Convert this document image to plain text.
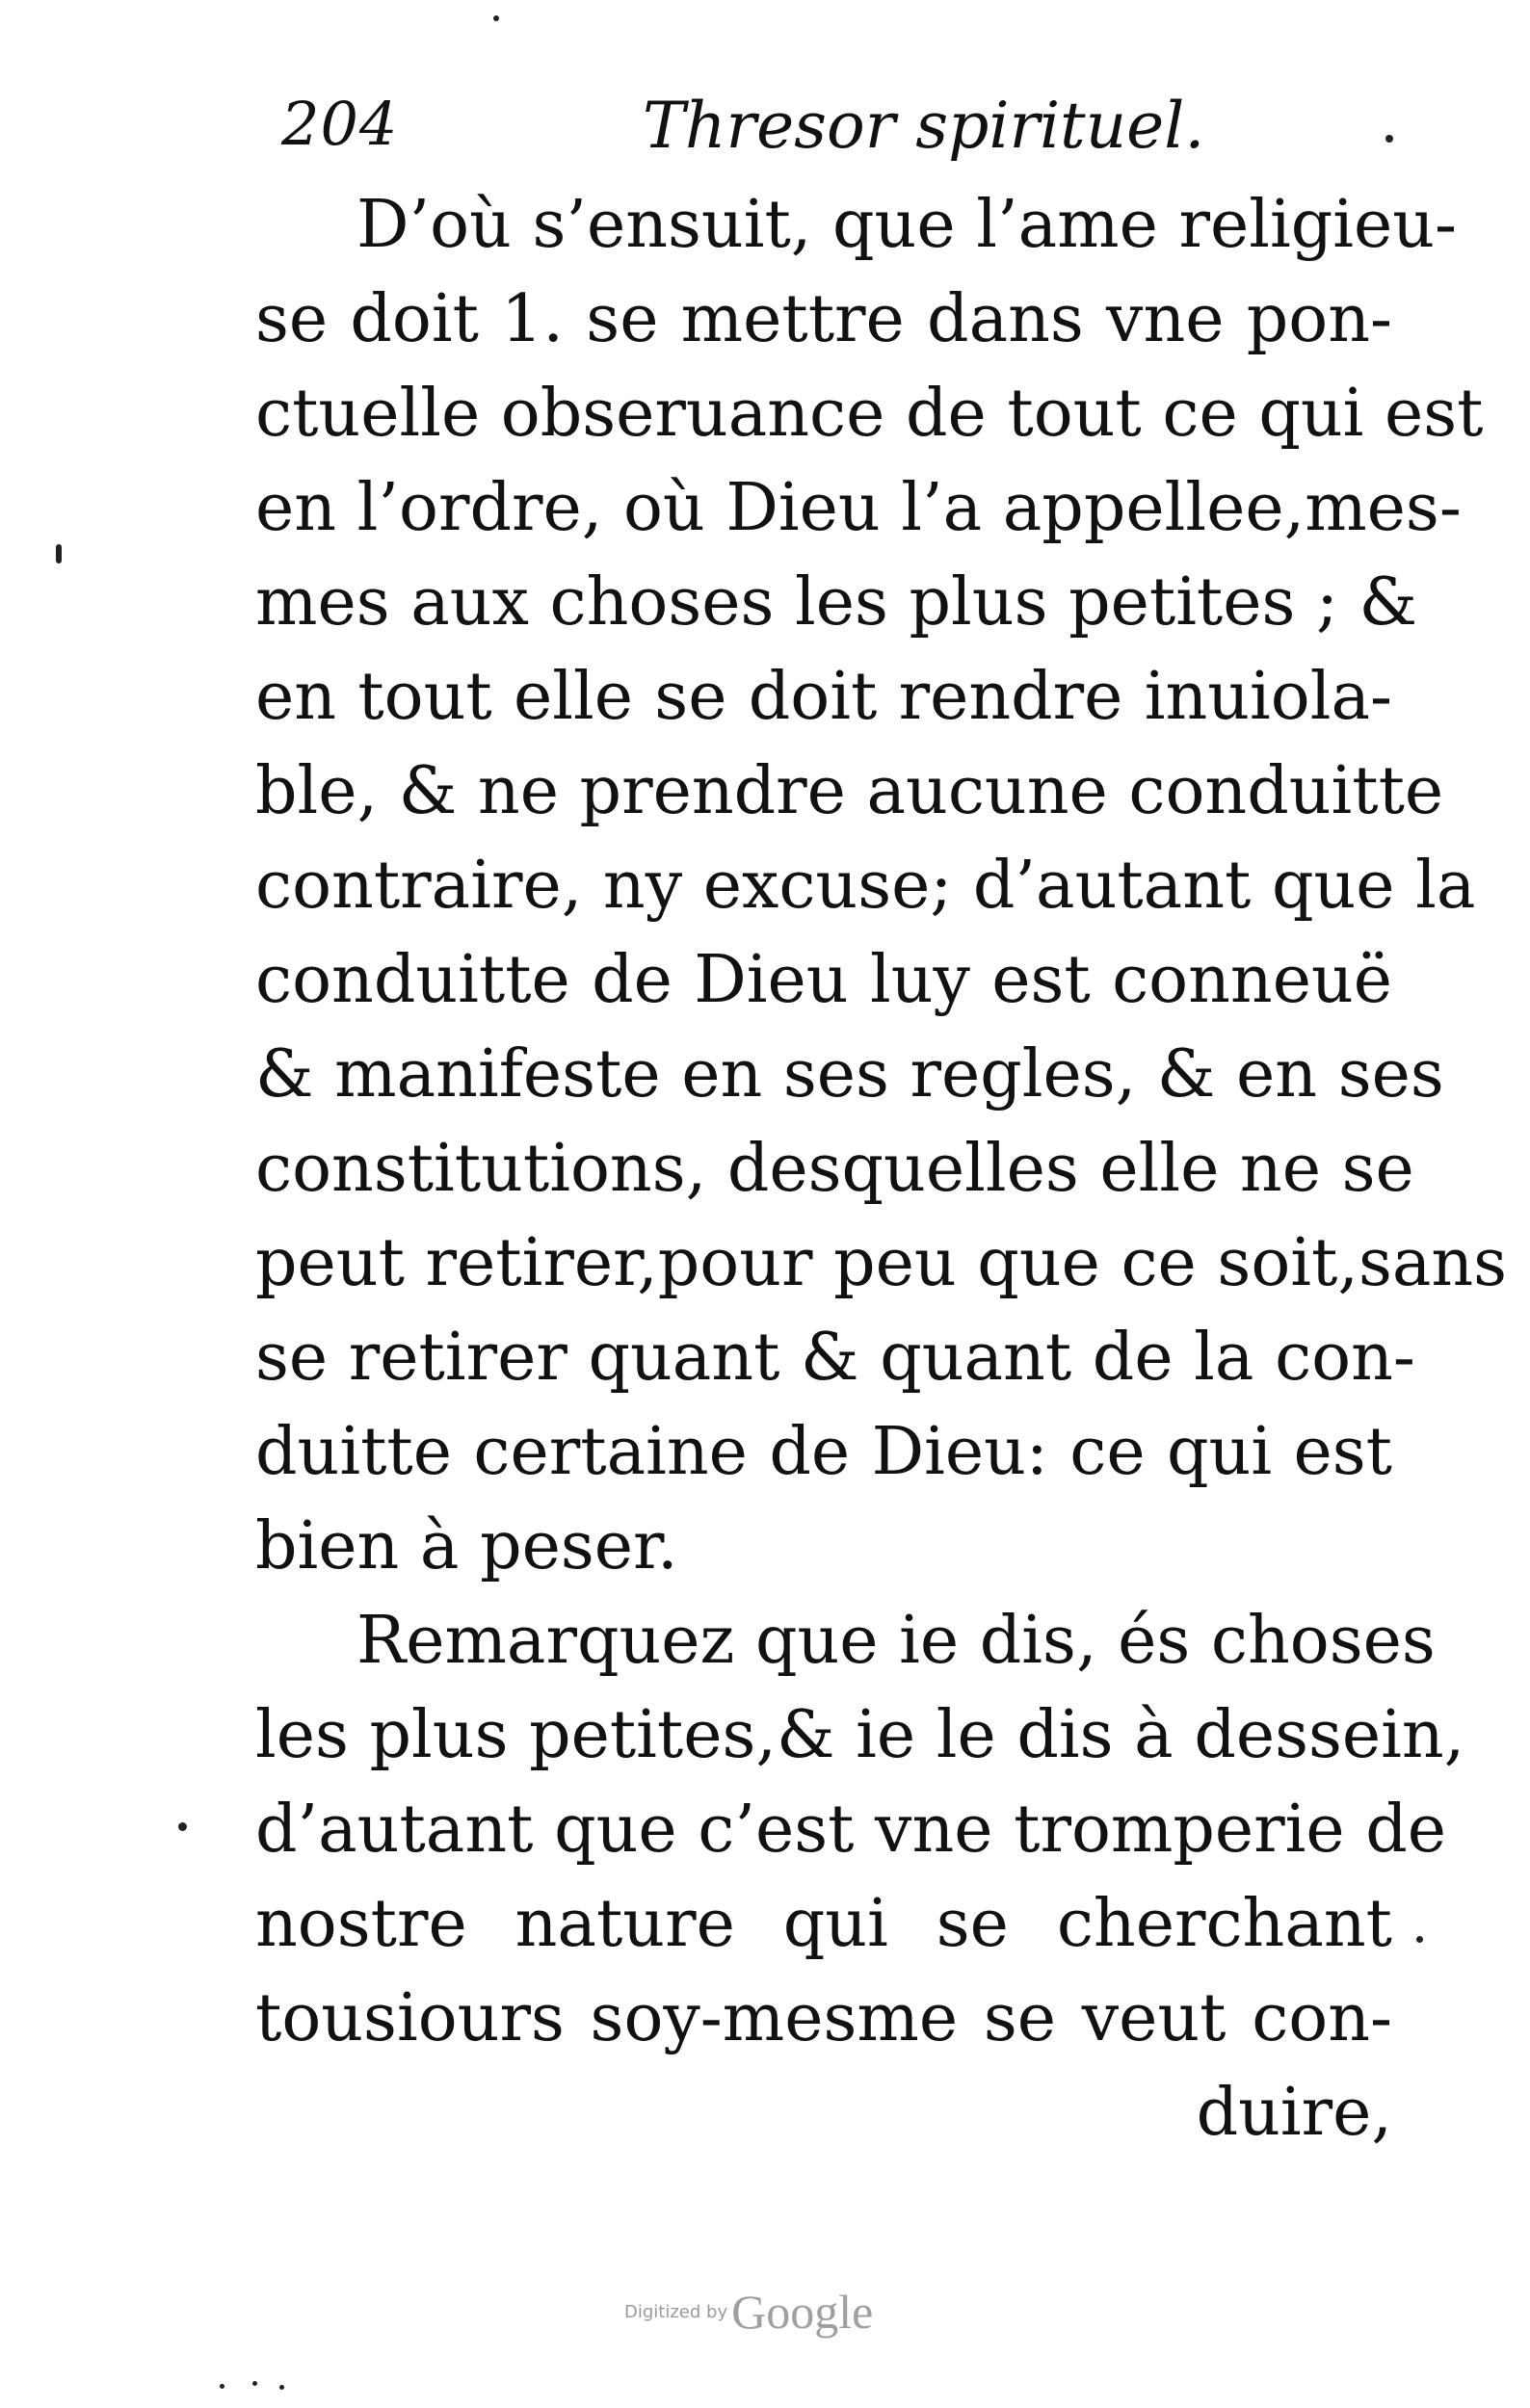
204	Thresor spirituel.
D’où s’ensuit, que l’ame religieu-
se doit 1. se mettre dans vne pon-
ctuelle obseruance de tout ce qui est
en l’ordre, où Dieu l’a appellee,mes-
mes aux choses les plus petites ; &
en tout elle se doit rendre inuiola-
ble, & ne prendre aucune conduitte
contraire, ny excuse; d’autant que la
conduitte de Dieu luy est conneuë
& manifeste en ses regles, & en ses
constitutions, desquelles elle ne se
peut retirer,pour peu que ce soit,sans
se retirer quant & quant de la con-
duitte certaine de Dieu: ce qui est
bien à peser.
Remarquez que ie dis, és choses
les plus petites,& ie le dis à dessein,
d’autant que c’est vne tromperie de
nostre nature qui se cherchant
tousiours soy-mesme se veut con-
duire,
Digitized by Google
